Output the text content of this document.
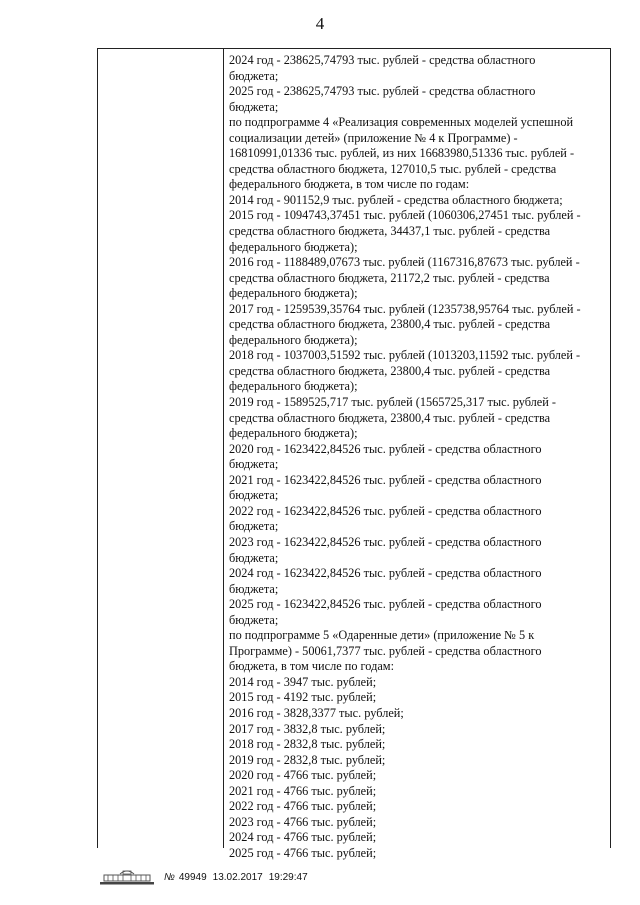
4
2024 год - 238625,74793 тыс. рублей - средства областного
бюджета;
2025 год - 238625,74793 тыс. рублей - средства областного
бюджета;
по подпрограмме 4 «Реализация современных моделей успешной
социализации детей» (приложение № 4 к Программе) -
16810991,01336 тыс. рублей, из них 16683980,51336 тыс. рублей -
средства областного бюджета, 127010,5 тыс. рублей - средства
федерального бюджета, в том числе по годам:
2014 год - 901152,9 тыс. рублей - средства областного бюджета;
2015 год - 1094743,37451 тыс. рублей (1060306,27451 тыс. рублей -
средства областного бюджета, 34437,1 тыс. рублей - средства
федерального бюджета);
2016 год - 1188489,07673 тыс. рублей (1167316,87673 тыс. рублей -
средства областного бюджета, 21172,2 тыс. рублей - средства
федерального бюджета);
2017 год - 1259539,35764 тыс. рублей (1235738,95764 тыс. рублей -
средства областного бюджета, 23800,4 тыс. рублей - средства
федерального бюджета);
2018 год - 1037003,51592 тыс. рублей (1013203,11592 тыс. рублей -
средства областного бюджета, 23800,4 тыс. рублей - средства
федерального бюджета);
2019 год - 1589525,717 тыс. рублей (1565725,317 тыс. рублей -
средства областного бюджета, 23800,4 тыс. рублей - средства
федерального бюджета);
2020 год - 1623422,84526 тыс. рублей - средства областного
бюджета;
2021 год - 1623422,84526 тыс. рублей - средства областного
бюджета;
2022 год - 1623422,84526 тыс. рублей - средства областного
бюджета;
2023 год - 1623422,84526 тыс. рублей - средства областного
бюджета;
2024 год - 1623422,84526 тыс. рублей - средства областного
бюджета;
2025 год - 1623422,84526 тыс. рублей - средства областного
бюджета;
по подпрограмме 5 «Одаренные дети» (приложение № 5 к
Программе) - 50061,7377 тыс. рублей - средства областного
бюджета, в том числе по годам:
2014 год - 3947 тыс. рублей;
2015 год - 4192 тыс. рублей;
2016 год - 3828,3377 тыс. рублей;
2017 год - 3832,8 тыс. рублей;
2018 год - 2832,8 тыс. рублей;
2019 год - 2832,8 тыс. рублей;
2020 год - 4766 тыс. рублей;
2021 год - 4766 тыс. рублей;
2022 год - 4766 тыс. рублей;
2023 год - 4766 тыс. рублей;
2024 год - 4766 тыс. рублей;
2025 год - 4766 тыс. рублей;
№ 49949 13.02.2017 19:29:47
